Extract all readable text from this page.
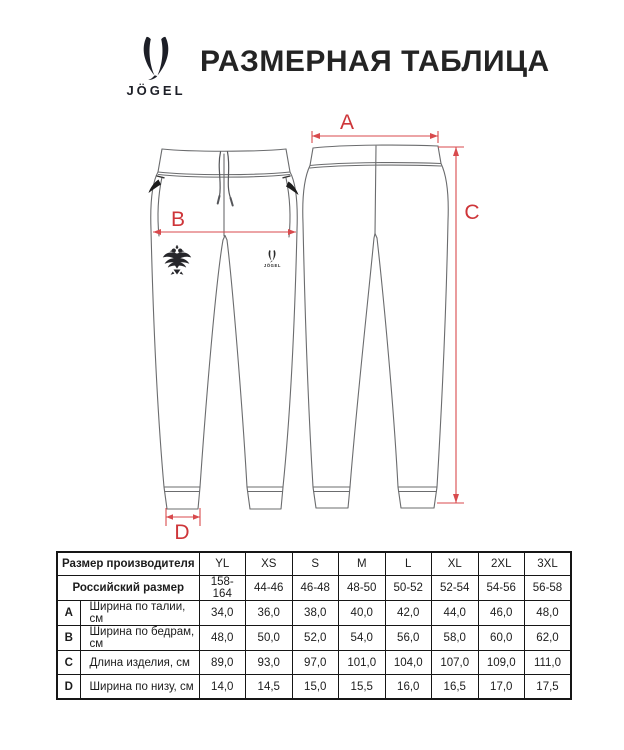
JÖGEL
РАЗМЕРНАЯ ТАБЛИЦА
JÖGEL
A
B	C
D
Размер производителя		YL	XS	S	M	L	XL	2XL	3XL
Российский размер		158-164	44-46	46-48	48-50	50-52	52-54	54-56	56-58
A	Ширина по талии, см	34,0	36,0	38,0	40,0	42,0	44,0	46,0	48,0
B	Ширина по бедрам, см	48,0	50,0	52,0	54,0	56,0	58,0	60,0	62,0
C	Длина изделия, см	89,0	93,0	97,0	101,0	104,0	107,0	109,0	111,0
D	Ширина по низу, см	14,0	14,5	15,0	15,5	16,0	16,5	17,0	17,5
